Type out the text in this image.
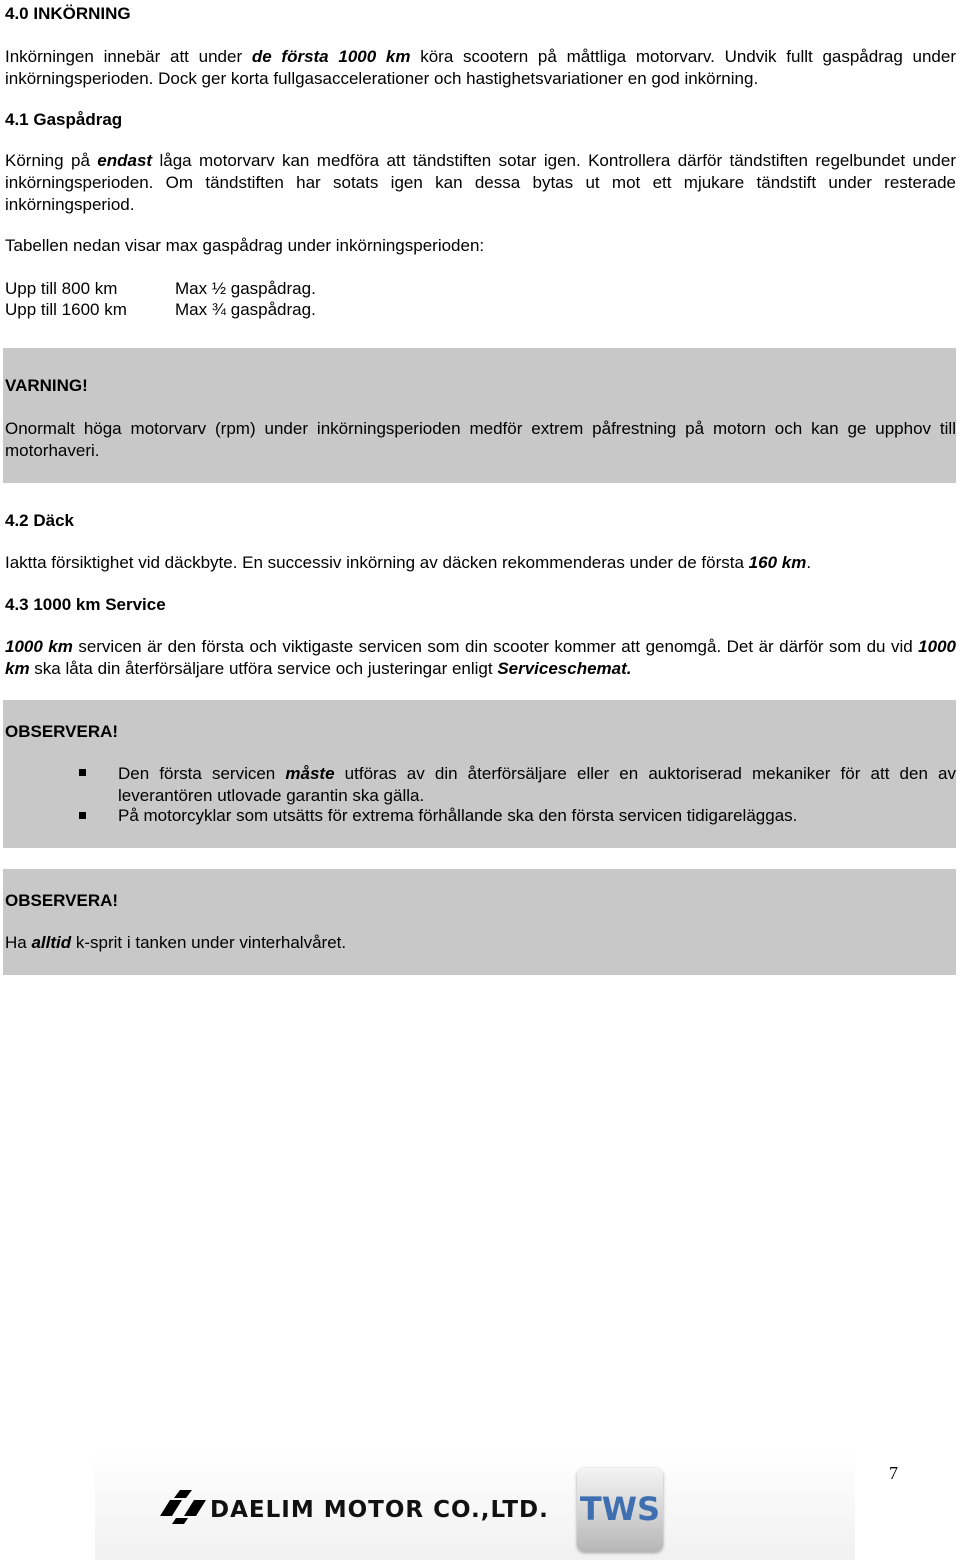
4.0 INKÖRNING

Inkörningen innebär att under de första 1000 km köra scootern på måttliga motorvarv. Undvik fullt gaspådrag under inkörningsperioden. Dock ger korta fullgasaccelerationer och hastighetsvariationer en god inkörning.

4.1 Gaspådrag

Körning på endast låga motorvarv kan medföra att tändstiften sotar igen. Kontrollera därför tändstiften regelbundet under inkörningsperioden. Om tändstiften har sotats igen kan dessa bytas ut mot ett mjukare tändstift under resterade inkörningsperiod.

Tabellen nedan visar max gaspådrag under inkörningsperioden:

Upp till 800 km	Max ½ gaspådrag.
Upp till 1600 km	Max ¾ gaspådrag.
VARNING!

Onormalt höga motorvarv (rpm) under inkörningsperioden medför extrem påfrestning på motorn och kan ge upphov till motorhaveri.

4.2 Däck

Iaktta försiktighet vid däckbyte. En successiv inkörning av däcken rekommenderas under de första 160 km.

4.3 1000 km Service

1000 km servicen är den första och viktigaste servicen som din scooter kommer att genomgå. Det är därför som du vid 1000 km ska låta din återförsäljare utföra service och justeringar enligt Serviceschemat.

OBSERVERA!

Den första servicen måste utföras av din återförsäljare eller en auktoriserad mekaniker för att den av leverantören utlovade garantin ska gälla.

På motorcyklar som utsätts för extrema förhållande ska den första servicen tidigareläggas.

OBSERVERA!

Ha alltid k-sprit i tanken under vinterhalvåret.

7
DAELIM MOTOR CO.,LTD. TWS
